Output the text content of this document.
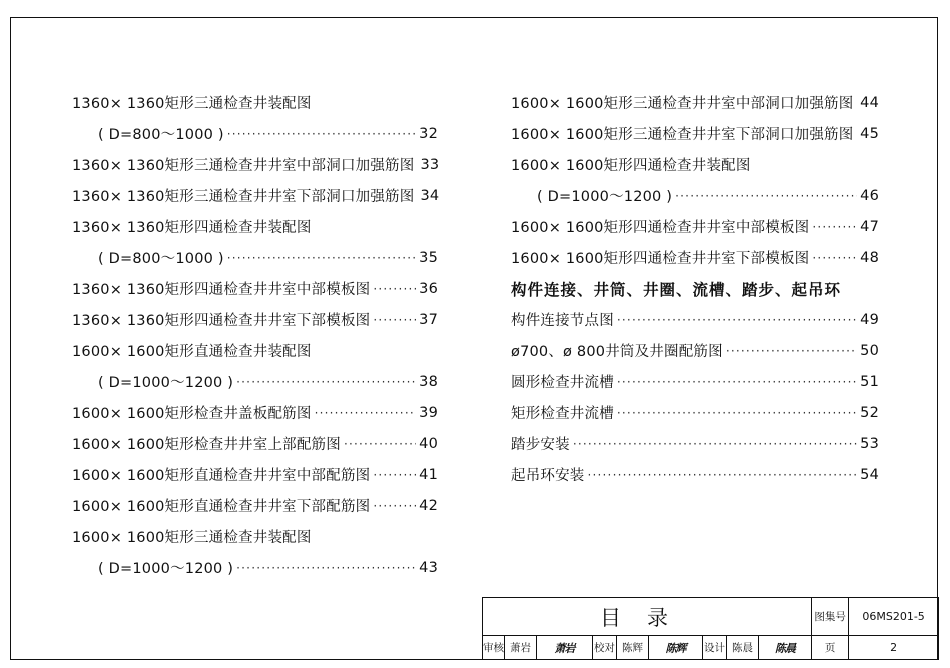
1360× 1360矩形三通检查井装配图
( D=800～1000 ) ·····	32
1360× 1360矩形三通检查井井室中部洞口加强筋图 33
1360× 1360矩形三通检查井井室下部洞口加强筋图 34
1360× 1360矩形四通检查井装配图
( D=800～1000 ) ·····	35
1360× 1360矩形四通检查井井室中部模板图 ·····	36
1360× 1360矩形四通检查井井室下部模板图 ·····	37
1600× 1600矩形直通检查井装配图
( D=1000～1200 ) ·····	38
1600× 1600矩形检查井盖板配筋图 ·····	39
1600× 1600矩形检查井井室上部配筋图 ·····	40
1600× 1600矩形直通检查井井室中部配筋图 ·····	41
1600× 1600矩形直通检查井井室下部配筋图 ·····	42
1600× 1600矩形三通检查井装配图
( D=1000～1200 ) ·····	43
1600× 1600矩形三通检查井井室中部洞口加强筋图 ····· 44
1600× 1600矩形三通检查井井室下部洞口加强筋图 ····· 45
1600× 1600矩形四通检查井装配图
( D=1000～1200 ) ·····	46
1600× 1600矩形四通检查井井室中部模板图 ·····	47
1600× 1600矩形四通检查井井室下部模板图 ·····	48
构件连接、井筒、井圈、流槽、踏步、起吊环
构件连接节点图 ·····	49
ø700、ø 800井筒及井圈配筋图 ·····	50
圆形检查井流槽 ·····	51
矩形检查井流槽 ·····	52
踏步安装 ·····	53
起吊环安装 ·····	54
目录									图集号	06MS201-5
审核	萧岩	萧岩	校对	陈辉	陈辉	设计	陈晨	陈晨	页	2
